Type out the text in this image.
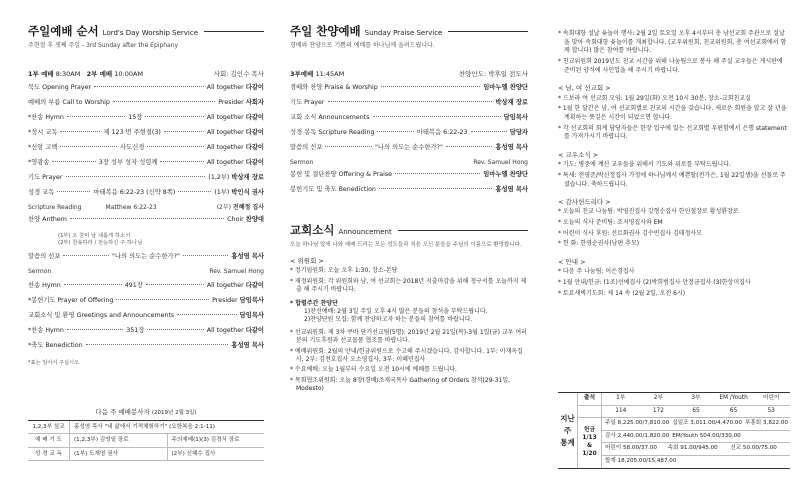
주일예배 순서 Lord's Day Worship Service
주현절 후 셋째 주일 - 3rd Sunday after the Epiphany
1부 예배
8:30AM
2부 예배
10:00AM	사회: 김인수 목사
묵도 Opening Prayer	All together 다같이
예배의 부름 Call to Worship	Presider 사회자
*찬송 Hymn	15장	All together 다같이
*성시 교독	제 123 번 주현절(3)	All together 다같이
*신앙 고백	사도신경	All together 다같이
*영광송	3장 성부 성자 성령께	All together 다같이
기도 Prayer	(1,2부) 박상재 장로
성경 교독	마태복음 6:22-23 (신약 8쪽)	(1부) 박인식 권사
Scripture Reading	Matthew 6:22-23	(2부) 전혜정 집사
찬양 Anthem	Choir 찬양대
(1부) 오 찬미 날 새롭게 하소서
(2부) 찬송하라 / 전능하신 주 하나님
말씀의 선포	"나의 의도는 순수한가?"	홍성염 목사
Sermon	Rev. Samuel Hong
찬송 Hymn	491장	All together 다같이
*봉헌기도 Prayer of Offering	Presider 담임목사
교회소식 및 환영 Greetings and Announcements	담임목사
*찬송 Hymn	351장	All together 다같이
*축도 Benediction	홍성염 목사
*표는 일어서 주십시오.
다음 주 예배봉사자 (2019년 2월 3일)
1,2,3부 설교	홍성염 목사 "내 삶에서 기적체험하기" (요한복음 2:1-11)
예 배 기 도	(1,2,3부) 김영일 장로	주의예배(1)(3) 김경식 장로
성 경 교 독	(1부) 도재영 권사	(2부) 신혜수 집사
주일 찬양예배 Sunday Praise Service
경배와 찬양으로 기쁨의 예배를 하나님께 올려드립니다.
3부예배
11:45AM	찬양인도: 박후일 전도사
경배와 찬양 Praise & Worship	임마누엘 찬양단
기도 Prayer	박상재 장로
교회 소식 Announcements	담임목사
성경 봉독 Scripture Reading	마태복음 6:22-23	담당자
말씀의 선포	"나의 의도는 순수한가?"	홍성염 목사
Sermon	Rev. Samuel Hong
봉헌 및 결단찬양 Offering & Praise	임마누엘 찬양단
봉헌기도 및 축도 Benediction	홍성염 목사
교회소식 Announcement
오늘 하나님 앞에 나와 예배 드리는 모든 성도들과 처음 오신 분들을 주님의 이름으로 환영합니다.
< 위원회 >
* 정기임원회: 오늘 오후 1:30, 장소-본당
* 재정위원회: 각 위원회와 남, 여 선교회는 2018년 지출마감을 위해 청구서를 오늘까지 제출 해 주시기 바랍니다.
* 합렬주간 찬양단
1)찬선예배: 2월 3일 주일 오후 4시 많은 분들의 참석을 부탁드립니다.
2)찬양단원 모집: 함께 찬양하고자 하는 분들의 참여를 바랍니다.
* 선교위원회: 제 3차 쿠바 단기선교팀(5명): 2019년 2월 21일(목)-3월 1일(금) 교우 여러분의 기도후원과 선교물품 협조를 바랍니다.
* 예배위원회: 2월의 안내/헌금위원으로 수고해 주시겠습니다. 감사합니다. 1부: 이재옥집사, 2부: 김천호집사 오소영집사, 3부: 이혜민집사
* 수요예배: 오늘 1월부터 수요일 오전 10시에 예배를 드립니다.
* 목회협조위원회: 오늘 8장(경배/조재국목사 Gathering of Orders 참석(29-31일, Modesto)
* 속회대항 설날 윷놀이 행사: 2월 2일 토요일 오후 4시부터 총 남선교회 주관으로 설날을 맞아 속회대항 윷놀이를 개최합니다. (교우위원회, 친교위원회, 총 여선교회에서 함께 합니다) 많은 참여를 바랍니다.
* 친교위원회 2019년도 친교 시간을 위해 나눔팀으로 봉사 해 주실 교우들은 게시판에 준비된 양식에 사인업을 해 주시기 바랍니다.
< 남, 여 선교회 >
* 드보라 여 선교회 모임: 1월 29일(화) 오전 10시 30분, 장소-교회친교실
* 1월 한 달간은 남, 여 선교회별로 친교의 시간을 갖습니다. 새로운 회원을 알고 잘 년을 계획하는 뜻깊은 시간이 되었으면 합니다.
* 각 선교회의 회계 담당자들은 한장 입구에 있는 선교회별 우편함에서 은행 statement를 가져가시기 바랍니다.
< 교우소식 >
* 기도: 병중에 계신 교우들을 위해서 기도와 위로를 부탁드립니다.
* 특새: 전영준/박신정집사 가정에 하나님께서 예쁜딸(전가은, 1월 22일생)을 선물로 주셨습니다. 축하드립니다.
< 감사헌드리다 >
* 오늘의 친교 나눔팀: 박영진집사 강형순집사 한인철장로 황성환장로
* 오늘의 식사 준비팀: 조지영집사와 EM
* 어린이 식사 후원: 선르화권사 김수빈집사 김태정사모
* 헌 화: 한영순권사(남편 추모)
< 안내 >
* 다음 주 나눔팀: 이은경집사
* 1월 안내/헌금: (1조)선예집사 (2)박희범집사 안정금집사 (3)한상미집사
* 토요새벽기도회: 제 14 속 (2월 2일, 오전 6시)
지난
주
통계
출석	1부	2부	3부	EM /Youth	어린이
114	172	65	65	53
헌금
1/13
&
1/20
주일 8,225.00/7,810.00 십일조 3,011.00/4,470.00 부흥회 3,822.00
감사 2,440.00/1,820.00 EM/Youth 504.00/330.00
어린이 58.00/37.00	속회 91.00/945.00	선교 50.00/75.00
합계 18,205.00/15,487.00
